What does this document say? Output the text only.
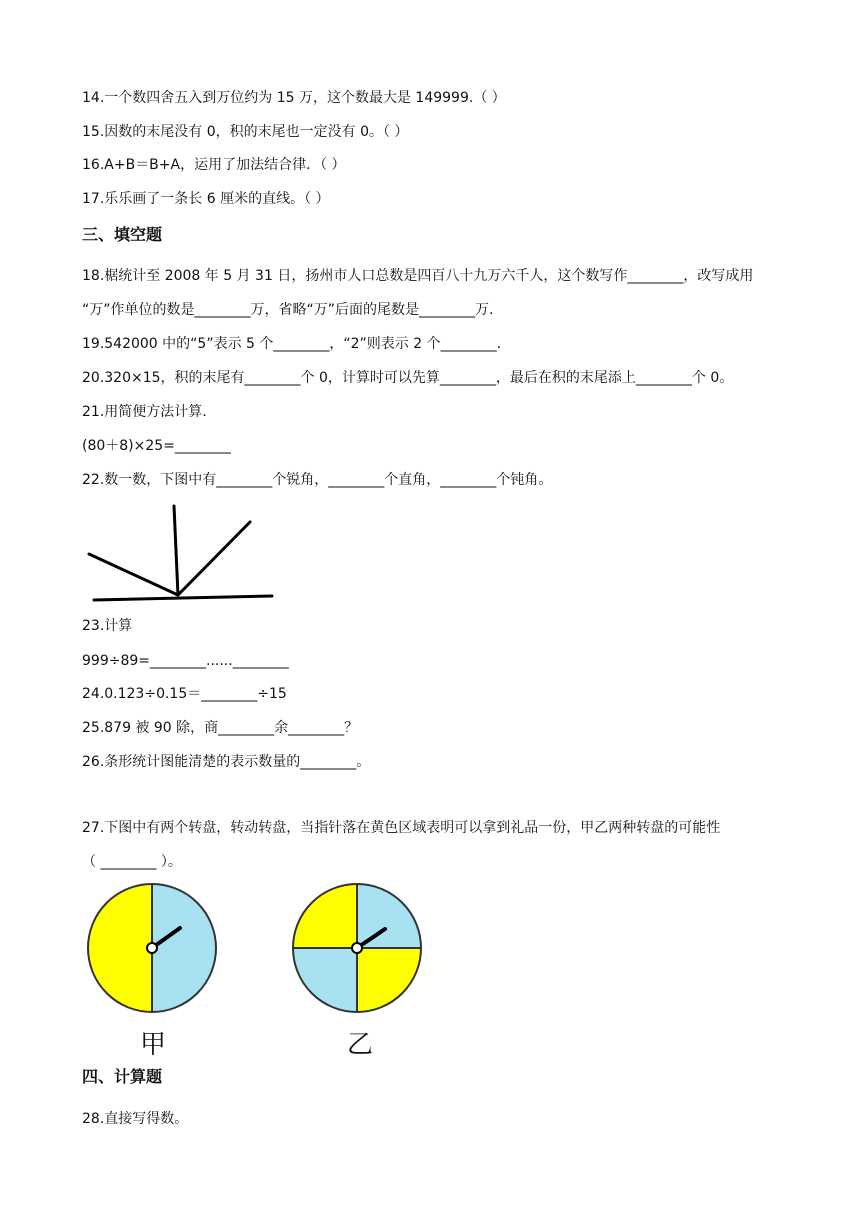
14.一个数四舍五入到万位约为 15 万，这个数最大是 149999.（ ）
15.因数的末尾没有 0，积的末尾也一定没有 0。（ ）
16.A+B＝B+A，运用了加法结合律．（ ）
17.乐乐画了一条长 6 厘米的直线。（ ）
三、填空题
18.椐统计至 2008 年 5 月 31 日，扬州市人口总数是四百八十九万六千人，这个数写作________，改写成用
“万”作单位的数是________万，省略“万”后面的尾数是________万.
19.542000 中的“5”表示 5 个________，“2”则表示 2 个________.
20.320×15，积的末尾有________个 0，计算时可以先算________，最后在积的末尾添上________个 0。
21.用简便方法计算.
(80＋8)×25=________
22.数一数，下图中有________个锐角，________个直角，________个钝角。
23.计算
999÷89=________......________
24.0.123÷0.15＝________÷15
25.879 被 90 除，商________余________？
26.条形统计图能清楚的表示数量的________。
27.下图中有两个转盘，转动转盘，当指针落在黄色区域表明可以拿到礼品一份，甲乙两种转盘的可能性
（ ________ ）。
甲	乙
四、计算题
28.直接写得数。
